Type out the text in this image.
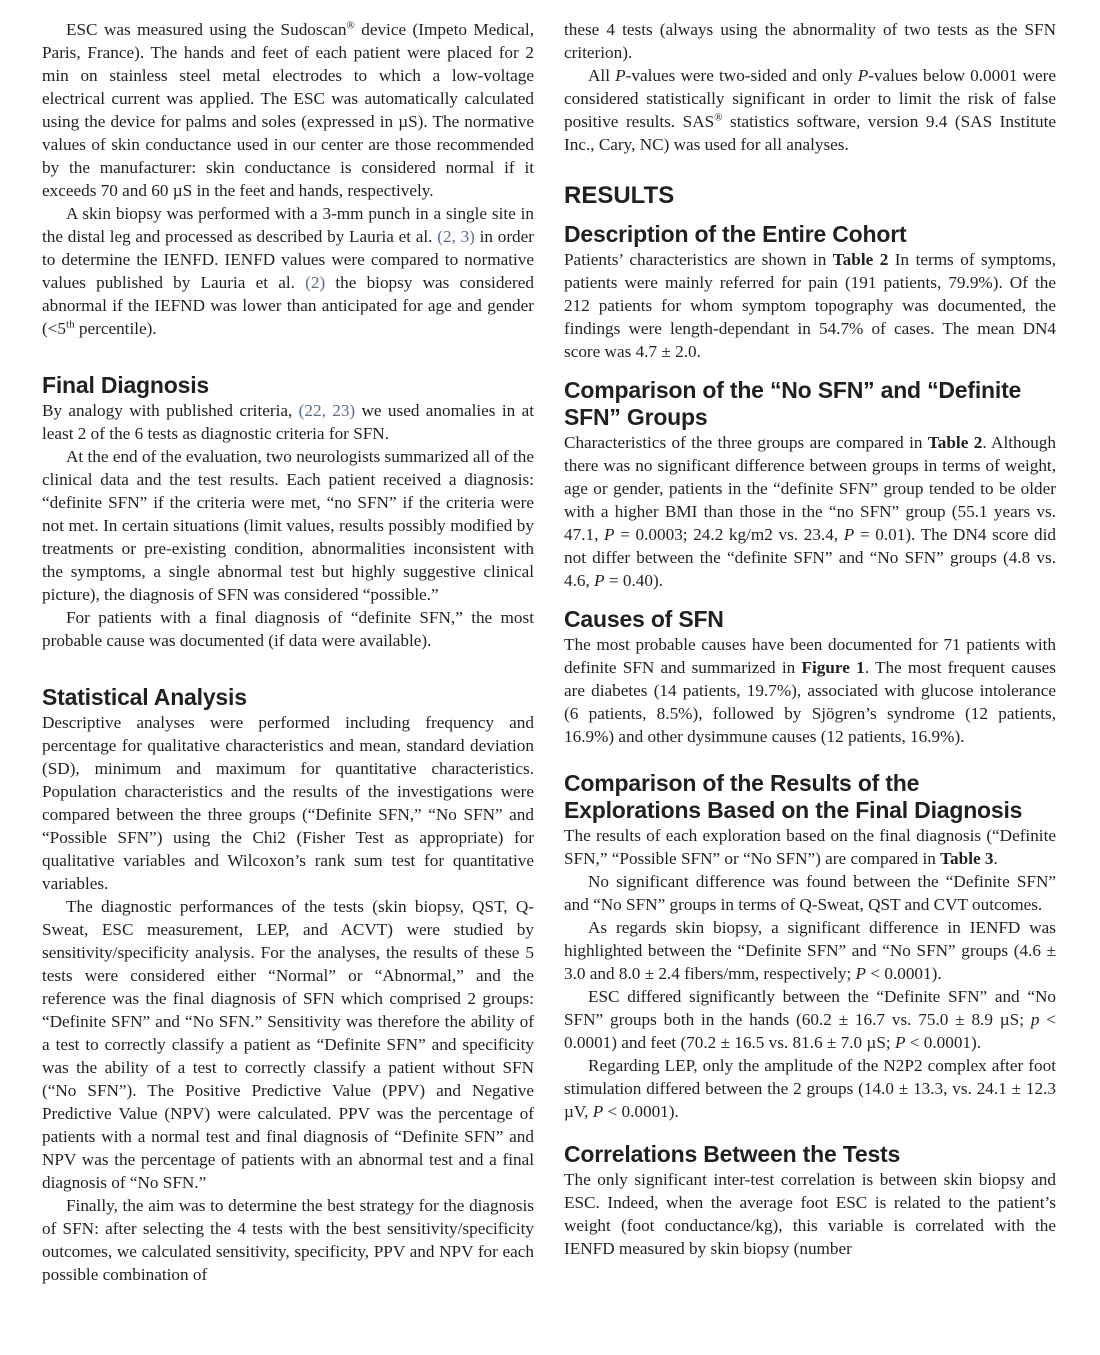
ESC was measured using the Sudoscan® device (Impeto Medical, Paris, France). The hands and feet of each patient were placed for 2 min on stainless steel metal electrodes to which a low-voltage electrical current was applied. The ESC was automatically calculated using the device for palms and soles (expressed in µS). The normative values of skin conductance used in our center are those recommended by the manufacturer: skin conductance is considered normal if it exceeds 70 and 60 µS in the feet and hands, respectively.

A skin biopsy was performed with a 3-mm punch in a single site in the distal leg and processed as described by Lauria et al. (2, 3) in order to determine the IENFD. IENFD values were compared to normative values published by Lauria et al. (2) the biopsy was considered abnormal if the IEFND was lower than anticipated for age and gender (<5th percentile).

Final Diagnosis

By analogy with published criteria, (22, 23) we used anomalies in at least 2 of the 6 tests as diagnostic criteria for SFN.

At the end of the evaluation, two neurologists summarized all of the clinical data and the test results. Each patient received a diagnosis: “definite SFN” if the criteria were met, “no SFN” if the criteria were not met. In certain situations (limit values, results possibly modified by treatments or pre-existing condition, abnormalities inconsistent with the symptoms, a single abnormal test but highly suggestive clinical picture), the diagnosis of SFN was considered “possible.”

For patients with a final diagnosis of “definite SFN,” the most probable cause was documented (if data were available).

Statistical Analysis

Descriptive analyses were performed including frequency and percentage for qualitative characteristics and mean, standard deviation (SD), minimum and maximum for quantitative characteristics. Population characteristics and the results of the investigations were compared between the three groups (“Definite SFN,” “No SFN” and “Possible SFN”) using the Chi2 (Fisher Test as appropriate) for qualitative variables and Wilcoxon’s rank sum test for quantitative variables.

The diagnostic performances of the tests (skin biopsy, QST, Q-Sweat, ESC measurement, LEP, and ACVT) were studied by sensitivity/specificity analysis. For the analyses, the results of these 5 tests were considered either “Normal” or “Abnormal,” and the reference was the final diagnosis of SFN which comprised 2 groups: “Definite SFN” and “No SFN.” Sensitivity was therefore the ability of a test to correctly classify a patient as “Definite SFN” and specificity was the ability of a test to correctly classify a patient without SFN (“No SFN”). The Positive Predictive Value (PPV) and Negative Predictive Value (NPV) were calculated. PPV was the percentage of patients with a normal test and final diagnosis of “Definite SFN” and NPV was the percentage of patients with an abnormal test and a final diagnosis of “No SFN.”

Finally, the aim was to determine the best strategy for the diagnosis of SFN: after selecting the 4 tests with the best sensitivity/specificity outcomes, we calculated sensitivity, specificity, PPV and NPV for each possible combination of

these 4 tests (always using the abnormality of two tests as the SFN criterion).

All P-values were two-sided and only P-values below 0.0001 were considered statistically significant in order to limit the risk of false positive results. SAS® statistics software, version 9.4 (SAS Institute Inc., Cary, NC) was used for all analyses.

RESULTS
Description of the Entire Cohort

Patients’ characteristics are shown in Table 2 In terms of symptoms, patients were mainly referred for pain (191 patients, 79.9%). Of the 212 patients for whom symptom topography was documented, the findings were length-dependant in 54.7% of cases. The mean DN4 score was 4.7 ± 2.0.

Comparison of the “No SFN” and “Definite SFN” Groups

Characteristics of the three groups are compared in Table 2. Although there was no significant difference between groups in terms of weight, age or gender, patients in the “definite SFN” group tended to be older with a higher BMI than those in the “no SFN” group (55.1 years vs. 47.1, P = 0.0003; 24.2 kg/m2 vs. 23.4, P = 0.01). The DN4 score did not differ between the “definite SFN” and “No SFN” groups (4.8 vs. 4.6, P = 0.40).

Causes of SFN

The most probable causes have been documented for 71 patients with definite SFN and summarized in Figure 1. The most frequent causes are diabetes (14 patients, 19.7%), associated with glucose intolerance (6 patients, 8.5%), followed by Sjögren’s syndrome (12 patients, 16.9%) and other dysimmune causes (12 patients, 16.9%).

Comparison of the Results of the Explorations Based on the Final Diagnosis

The results of each exploration based on the final diagnosis (“Definite SFN,” “Possible SFN” or “No SFN”) are compared in Table 3.

No significant difference was found between the “Definite SFN” and “No SFN” groups in terms of Q-Sweat, QST and CVT outcomes.

As regards skin biopsy, a significant difference in IENFD was highlighted between the “Definite SFN” and “No SFN” groups (4.6 ± 3.0 and 8.0 ± 2.4 fibers/mm, respectively; P < 0.0001).

ESC differed significantly between the “Definite SFN” and “No SFN” groups both in the hands (60.2 ± 16.7 vs. 75.0 ± 8.9 µS; p < 0.0001) and feet (70.2 ± 16.5 vs. 81.6 ± 7.0 µS; P < 0.0001).

Regarding LEP, only the amplitude of the N2P2 complex after foot stimulation differed between the 2 groups (14.0 ± 13.3, vs. 24.1 ± 12.3 µV, P < 0.0001).

Correlations Between the Tests

The only significant inter-test correlation is between skin biopsy and ESC. Indeed, when the average foot ESC is related to the patient’s weight (foot conductance/kg), this variable is correlated with the IENFD measured by skin biopsy (number
